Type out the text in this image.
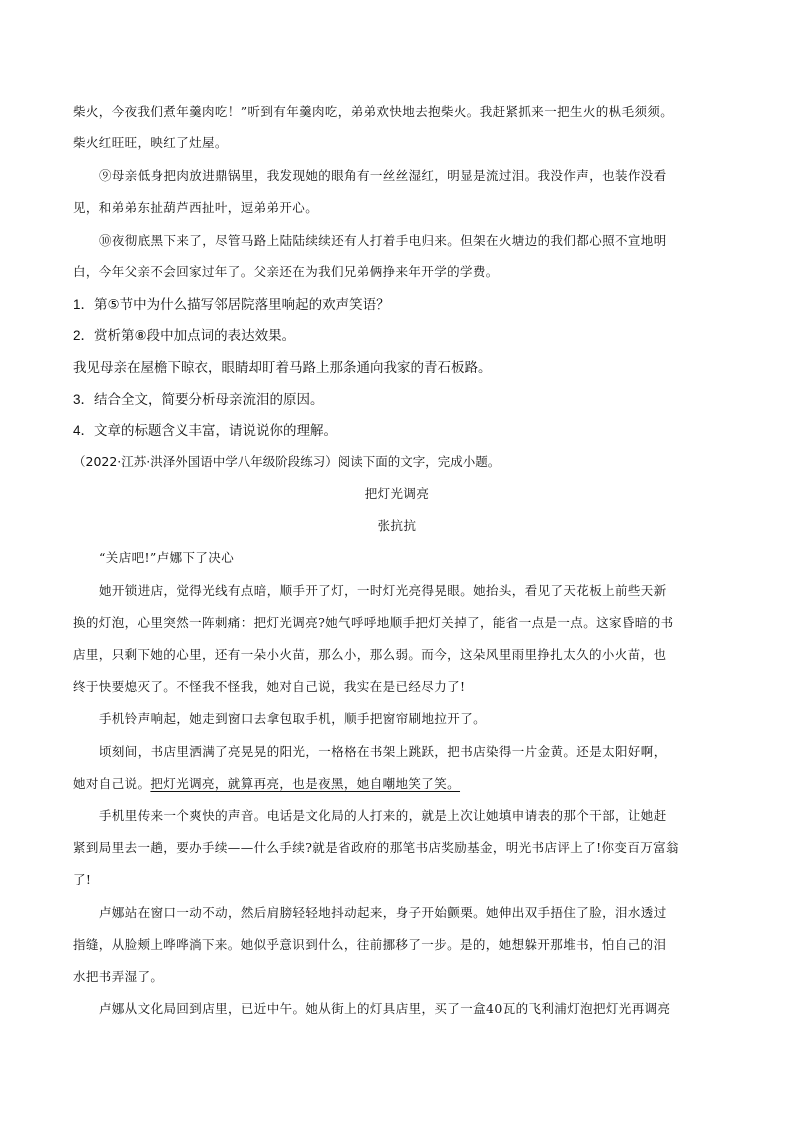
柴火，今夜我们煮年羹肉吃！”听到有年羹肉吃，弟弟欢快地去抱柴火。我赶紧抓来一把生火的枞毛须须。
柴火红旺旺，映红了灶屋。
⑨母亲低身把肉放进鼎锅里，我发现她的眼角有一丝丝湿红，明显是流过泪。我没作声，也装作没看
见，和弟弟东扯葫芦西扯叶，逗弟弟开心。
⑩夜彻底黑下来了，尽管马路上陆陆续续还有人打着手电归来。但架在火塘边的我们都心照不宣地明
白，今年父亲不会回家过年了。父亲还在为我们兄弟俩挣来年开学的学费。
1．第⑤节中为什么描写邻居院落里响起的欢声笑语？
2．赏析第⑧段中加点词的表达效果。
我见母亲在屋檐下晾衣，眼睛却盯着马路上那条通向我家的青石板路。
3．结合全文，简要分析母亲流泪的原因。
4．文章的标题含义丰富，请说说你的理解。
（2022·江苏·洪泽外国语中学八年级阶段练习）阅读下面的文字，完成小题。
把灯光调亮
张抗抗
“关店吧!”卢娜下了决心
她开锁进店，觉得光线有点暗，顺手开了灯，一时灯光亮得晃眼。她抬头，看见了天花板上前些天新
换的灯泡，心里突然一阵刺痛：把灯光调亮?她气呼呼地顺手把灯关掉了，能省一点是一点。这家昏暗的书
店里，只剩下她的心里，还有一朵小火苗，那么小，那么弱。而今，这朵风里雨里挣扎太久的小火苗，也
终于快要熄灭了。不怪我不怪我，她对自己说，我实在是已经尽力了!
手机铃声响起，她走到窗口去拿包取手机，顺手把窗帘刷地拉开了。
顷刻间，书店里洒满了亮晃晃的阳光，一格格在书架上跳跃，把书店染得一片金黄。还是太阳好啊，
她对自己说。把灯光调亮，就算再亮，也是夜黑，她自嘲地笑了笑。
手机里传来一个爽快的声音。电话是文化局的人打来的，就是上次让她填申请表的那个干部，让她赶
紧到局里去一趟，要办手续——什么手续?就是省政府的那笔书店奖励基金，明光书店评上了!你变百万富翁
了!
卢娜站在窗口一动不动，然后肩膀轻轻地抖动起来，身子开始颤栗。她伸出双手捂住了脸，泪水透过
指缝，从脸颊上哗哗淌下来。她似乎意识到什么，往前挪移了一步。是的，她想躲开那堆书，怕自己的泪
水把书弄湿了。
卢娜从文化局回到店里，已近中午。她从街上的灯具店里，买了一盒40瓦的飞利浦灯泡把灯光再调亮
